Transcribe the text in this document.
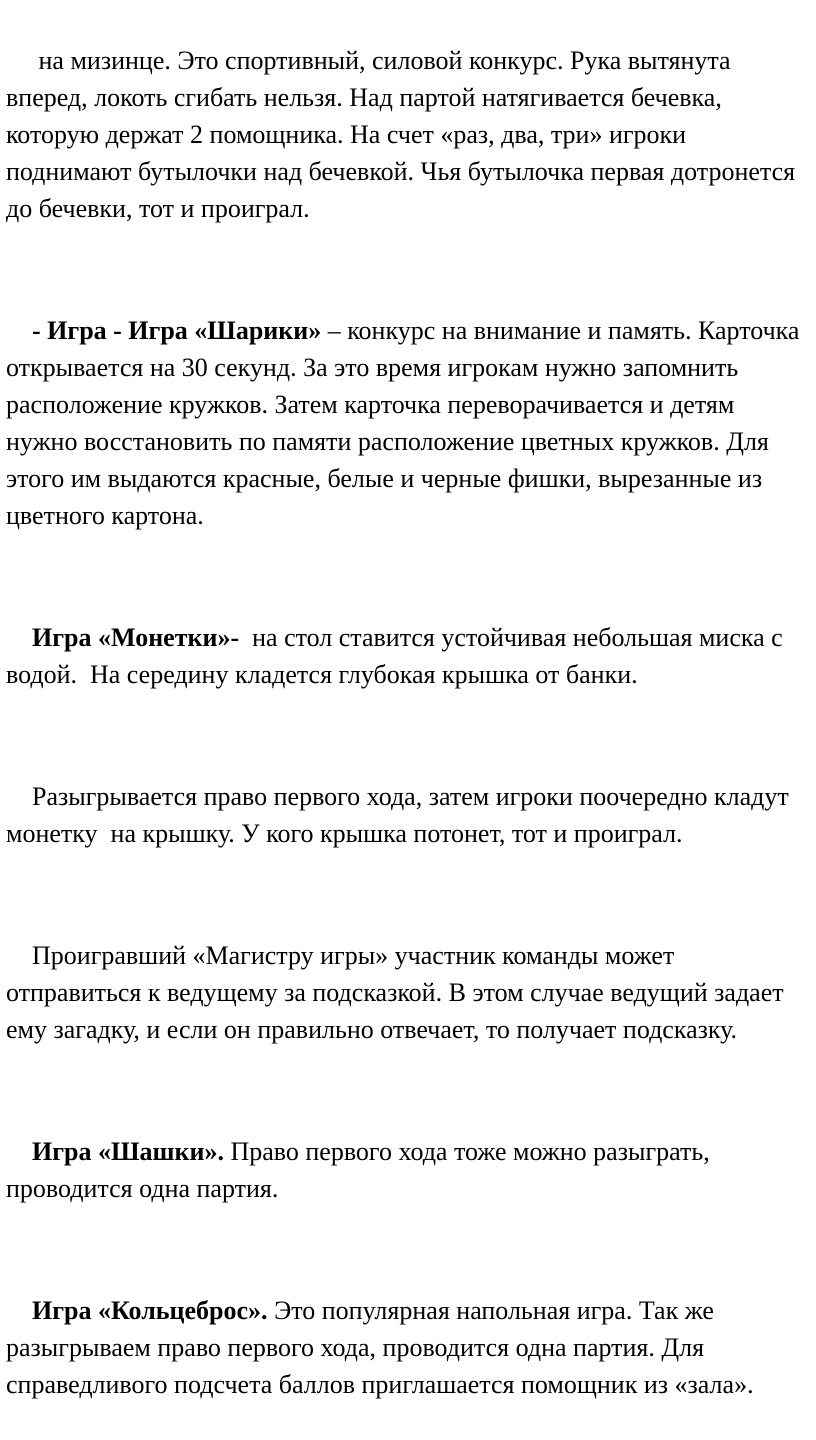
на мизинце. Это спортивный, силовой конкурс. Рука вытянута вперед, локоть сгибать нельзя. Над партой натягивается бечевка, которую держат 2 помощника. На счет «раз, два, три» игроки поднимают бутылочки над бечевкой. Чья бутылочка первая дотронется до бечевки, тот и проиграл.

- Игра - Игра «Шарики» – конкурс на внимание и память. Карточка открывается на 30 секунд. За это время игрокам нужно запомнить расположение кружков. Затем карточка переворачивается и детям нужно восстановить по памяти расположение цветных кружков. Для этого им выдаются красные, белые и черные фишки, вырезанные из цветного картона.

Игра «Монетки»-  на стол ставится устойчивая небольшая миска с водой.  На середину кладется глубокая крышка от банки.

Разыгрывается право первого хода, затем игроки поочередно кладут монетку  на крышку. У кого крышка потонет, тот и проиграл.

Проигравший «Магистру игры» участник команды может отправиться к ведущему за подсказкой. В этом случае ведущий задает ему загадку, и если он правильно отвечает, то получает подсказку.

Игра «Шашки». Право первого хода тоже можно разыграть, проводится одна партия.

Игра «Кольцеброс». Это популярная напольная игра. Так же разыгрываем право первого хода, проводится одна партия. Для справедливого подсчета баллов приглашается помощник из «зала».
